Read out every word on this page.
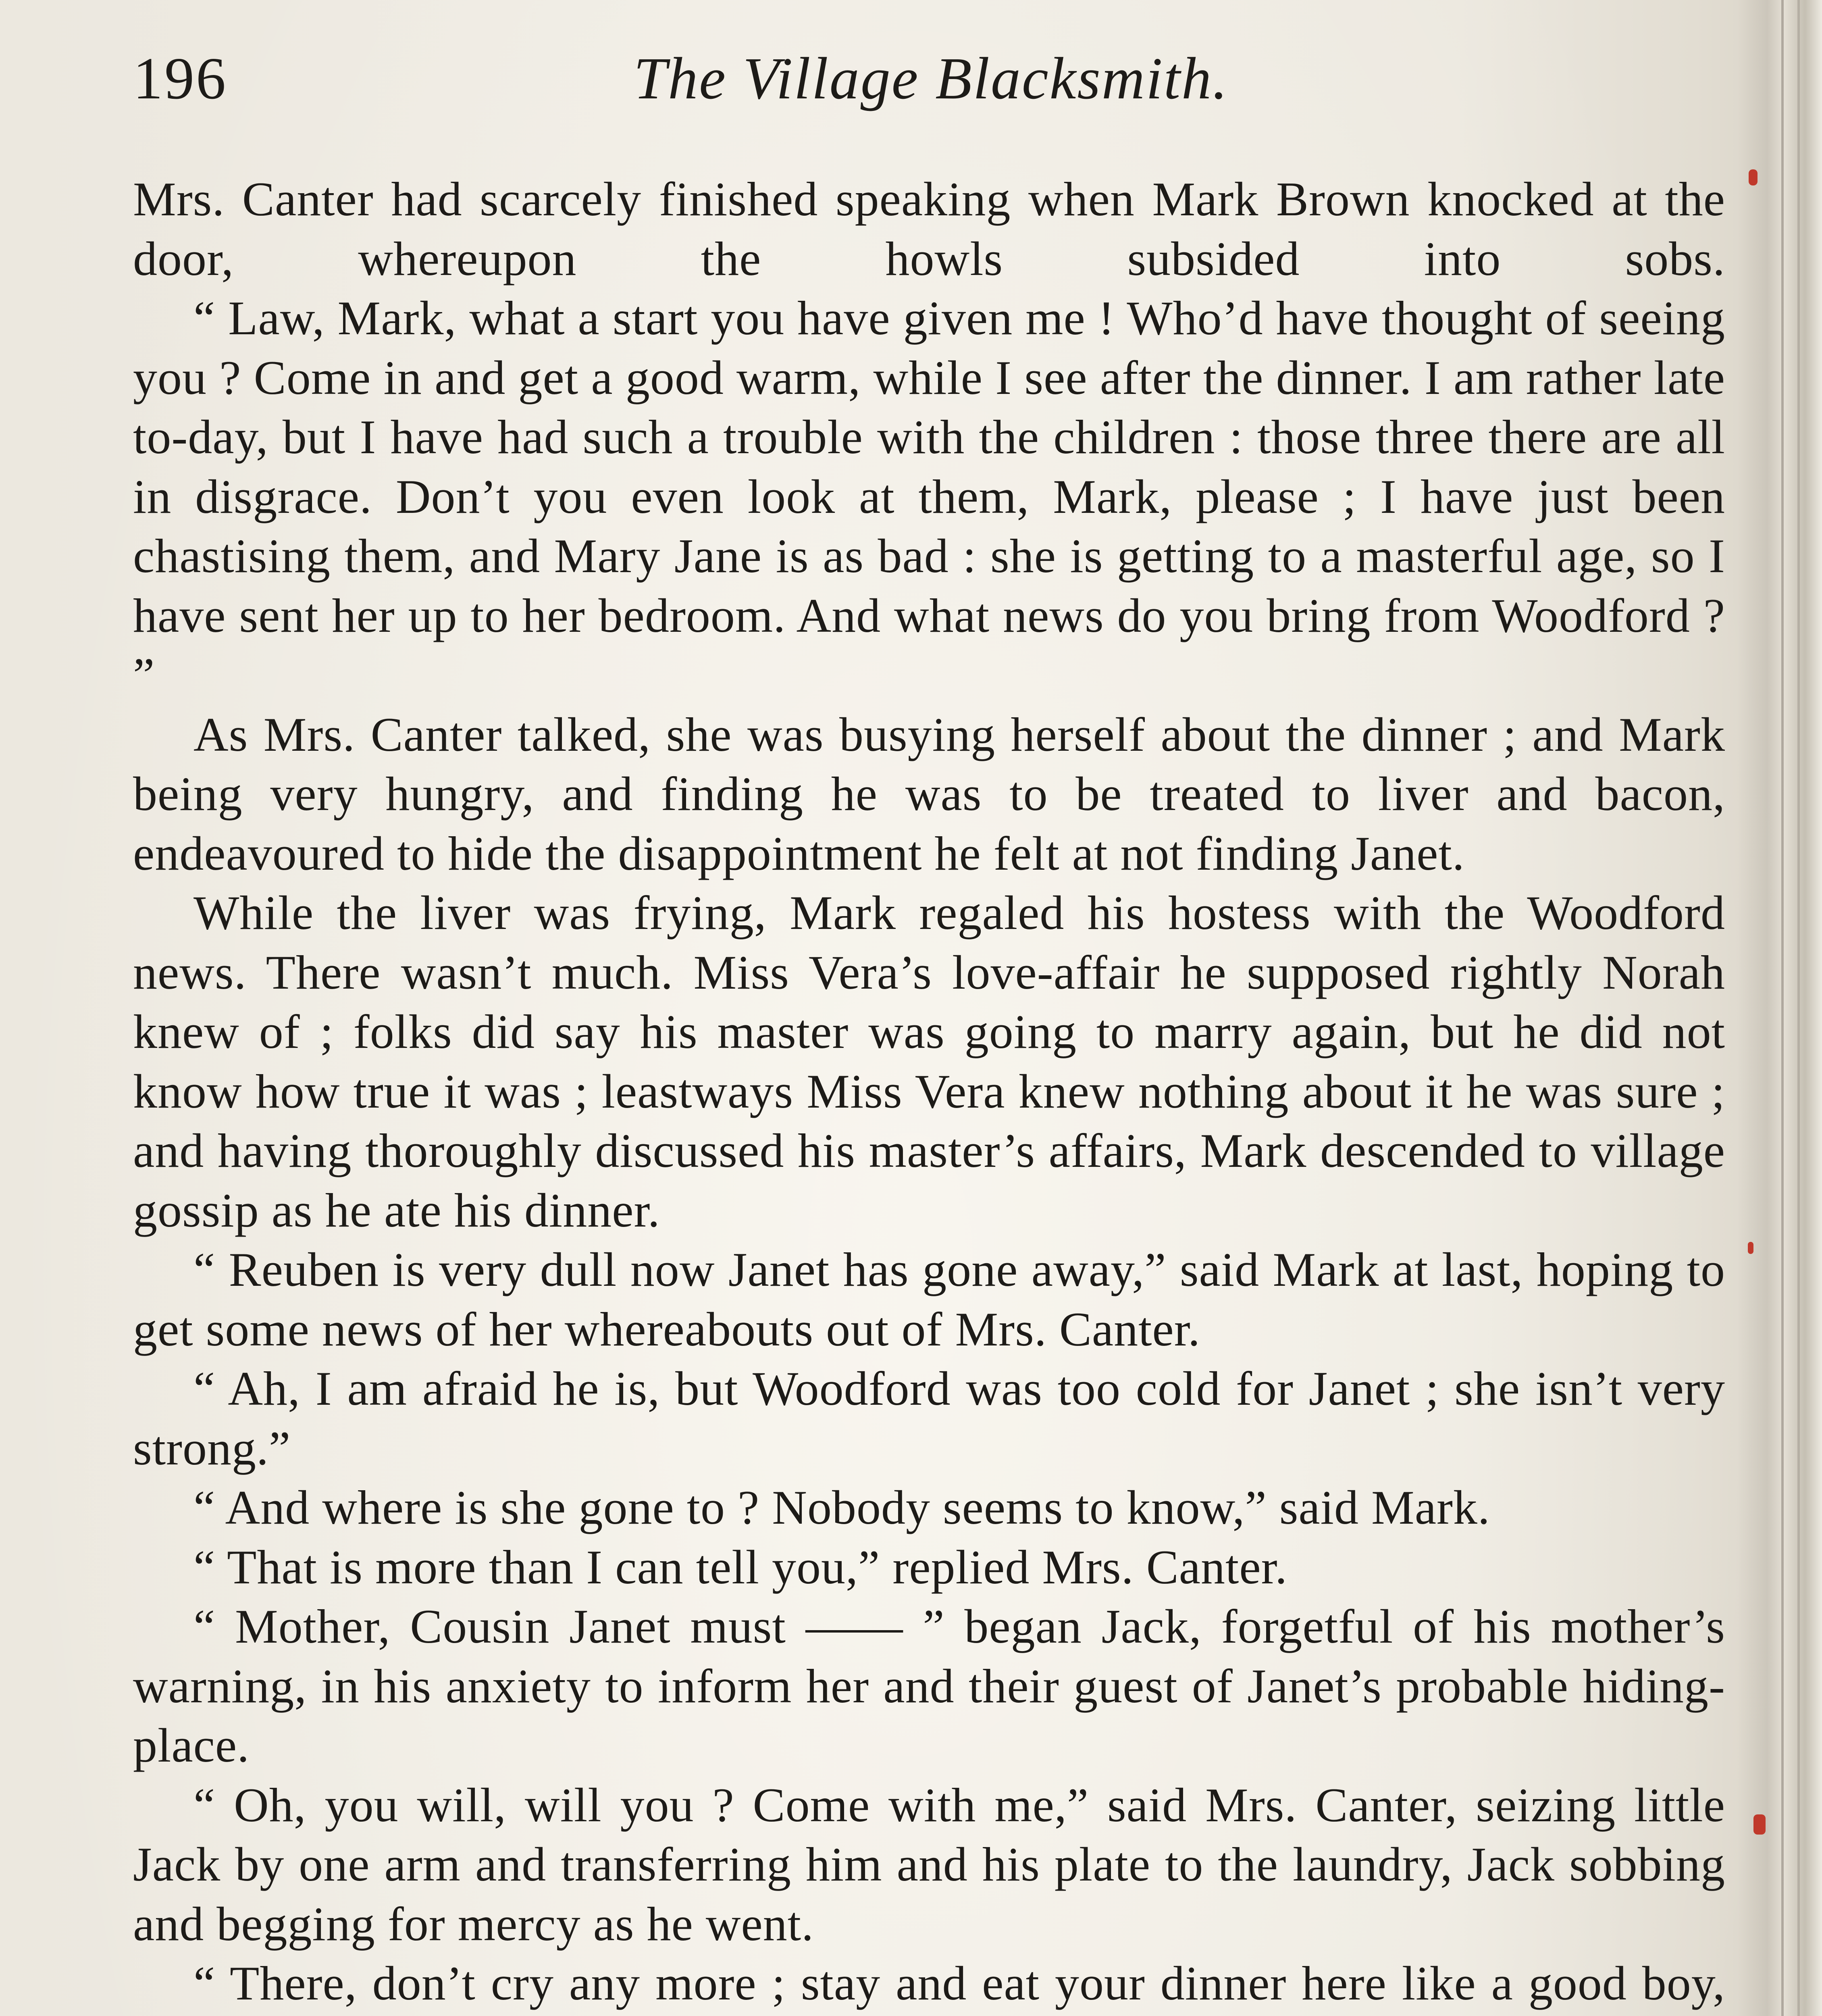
196	The Village Blacksmith.

Mrs. Canter had scarcely finished speaking when Mark Brown knocked at the door, whereupon the howls subsided into sobs.

“ Law, Mark, what a start you have given me ! Who’d have thought of seeing you ? Come in and get a good warm, while I see after the dinner. I am rather late to-day, but I have had such a trouble with the children : those three there are all in disgrace. Don’t you even look at them, Mark, please ; I have just been chastising them, and Mary Jane is as bad : she is getting to a masterful age, so I have sent her up to her bedroom. And what news do you bring from Woodford ? ”

As Mrs. Canter talked, she was busying herself about the dinner ; and Mark being very hungry, and finding he was to be treated to liver and bacon, endeavoured to hide the disappointment he felt at not finding Janet.

While the liver was frying, Mark regaled his hostess with the Woodford news. There wasn’t much. Miss Vera’s love-affair he supposed rightly Norah knew of ; folks did say his master was going to marry again, but he did not know how true it was ; leastways Miss Vera knew nothing about it he was sure ; and having thoroughly discussed his master’s affairs, Mark descended to village gossip as he ate his dinner.

“ Reuben is very dull now Janet has gone away,” said Mark at last, hoping to get some news of her whereabouts out of Mrs. Canter.

“ Ah, I am afraid he is, but Woodford was too cold for Janet ; she isn’t very strong.”

“ And where is she gone to ? Nobody seems to know,” said Mark.

“ That is more than I can tell you,” replied Mrs. Canter.

“ Mother, Cousin Janet must —— ” began Jack, forgetful of his mother’s warning, in his anxiety to inform her and their guest of Janet’s probable hiding-place.

“ Oh, you will, will you ? Come with me,” said Mrs. Canter, seizing little Jack by one arm and transferring him and his plate to the laundry, Jack sobbing and begging for mercy as he went.

“ There, don’t cry any more ; stay and eat your dinner here like a good boy,
